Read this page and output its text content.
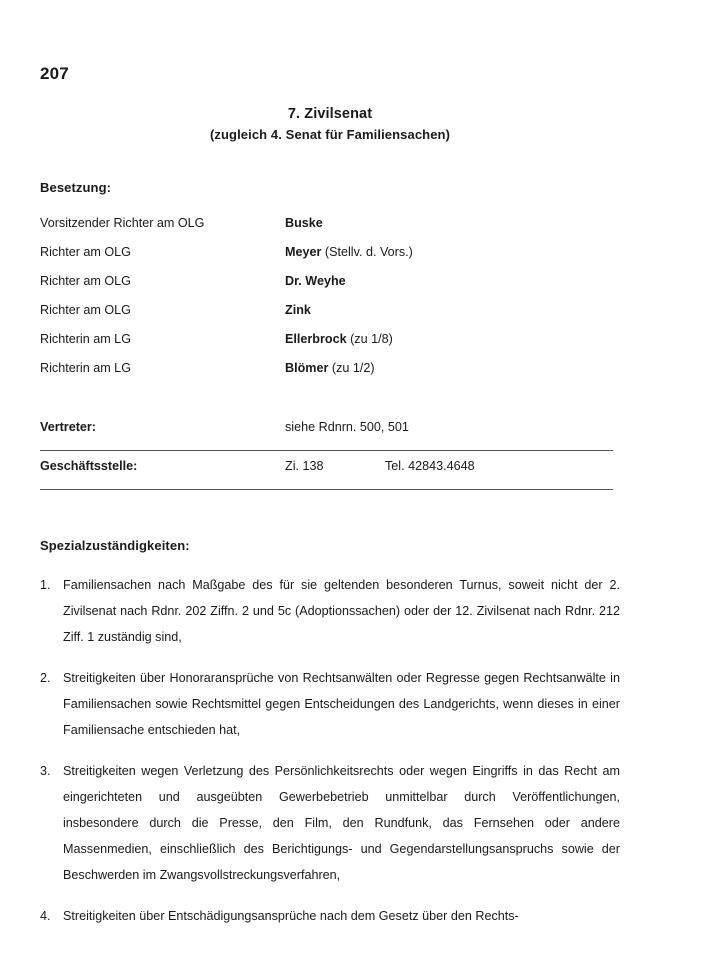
207
7. Zivilsenat
(zugleich 4. Senat für Familiensachen)
Besetzung:
Vorsitzender Richter am OLG	Buske
Richter am OLG	Meyer (Stellv. d. Vors.)
Richter am OLG	Dr. Weyhe
Richter am OLG	Zink
Richterin am LG	Ellerbrock (zu 1/8)
Richterin am LG	Blömer (zu 1/2)
Vertreter:	siehe Rdnrn. 500, 501
Geschäftsstelle:	Zi. 138	Tel. 42843.4648
Spezialzuständigkeiten:
1. Familiensachen nach Maßgabe des für sie geltenden besonderen Turnus, soweit nicht der 2. Zivilsenat nach Rdnr. 202 Ziffn. 2 und 5c (Adoptionssachen) oder der 12. Zivilsenat nach Rdnr. 212 Ziff. 1 zuständig sind,
2. Streitigkeiten über Honoraransprüche von Rechtsanwälten oder Regresse gegen Rechtsanwälte in Familiensachen sowie Rechtsmittel gegen Entscheidungen des Landgerichts, wenn dieses in einer Familiensache entschieden hat,
3. Streitigkeiten wegen Verletzung des Persönlichkeitsrechts oder wegen Eingriffs in das Recht am eingerichteten und ausgeübten Gewerbebetrieb unmittelbar durch Veröffentlichungen, insbesondere durch die Presse, den Film, den Rundfunk, das Fernsehen oder andere Massenmedien, einschließlich des Berichtigungs- und Gegendarstellungsanspruchs sowie der Beschwerden im Zwangsvollstreckungsverfahren,
4. Streitigkeiten über Entschädigungsansprüche nach dem Gesetz über den Rechts-
